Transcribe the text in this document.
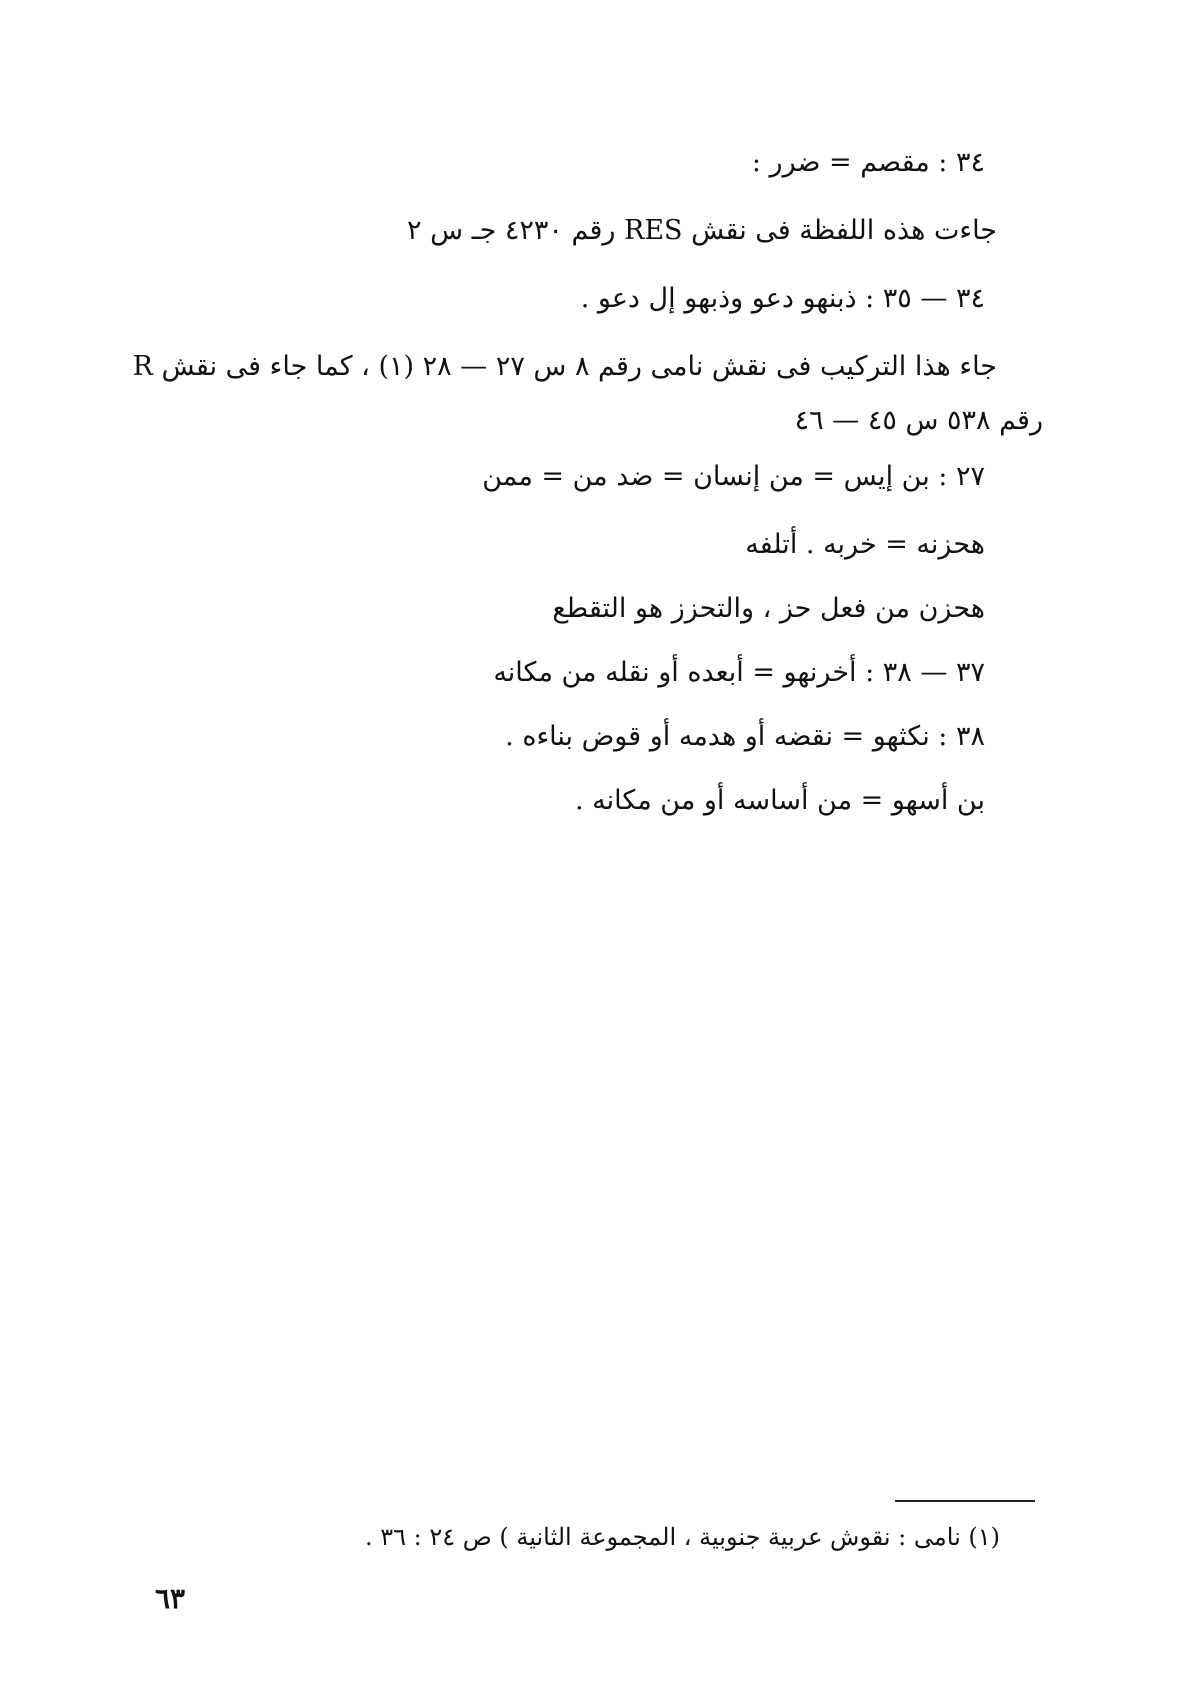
٣٤ : مقصم = ضرر :
جاءت هذه اللفظة فى نقش RES رقم ٤٢٣٠ جـ س ٢
٣٤ — ٣٥ : ذبنهو دعو وذبهو إل دعو .
جاء هذا التركيب فى نقش نامى رقم ٨ س ٢٧ — ٢٨ (١) ، كما جاء فى نقش R
رقم ٥٣٨ س ٤٥ — ٤٦
٢٧ : بن إيس = من إنسان = ضد من = ممن
هحزنه = خربه . أتلفه
هحزن من فعل حز ، والتحزز هو التقطع
٣٧ — ٣٨ : أخرنهو = أبعده أو نقله من مكانه
٣٨ : نكثهو = نقضه أو هدمه أو قوض بناءه .
بن أسهو = من أساسه أو من مكانه .
(١) نامى : نقوش عربية جنوبية ، المجموعة الثانية ) ص ٢٤ : ٣٦ .
٦٣
